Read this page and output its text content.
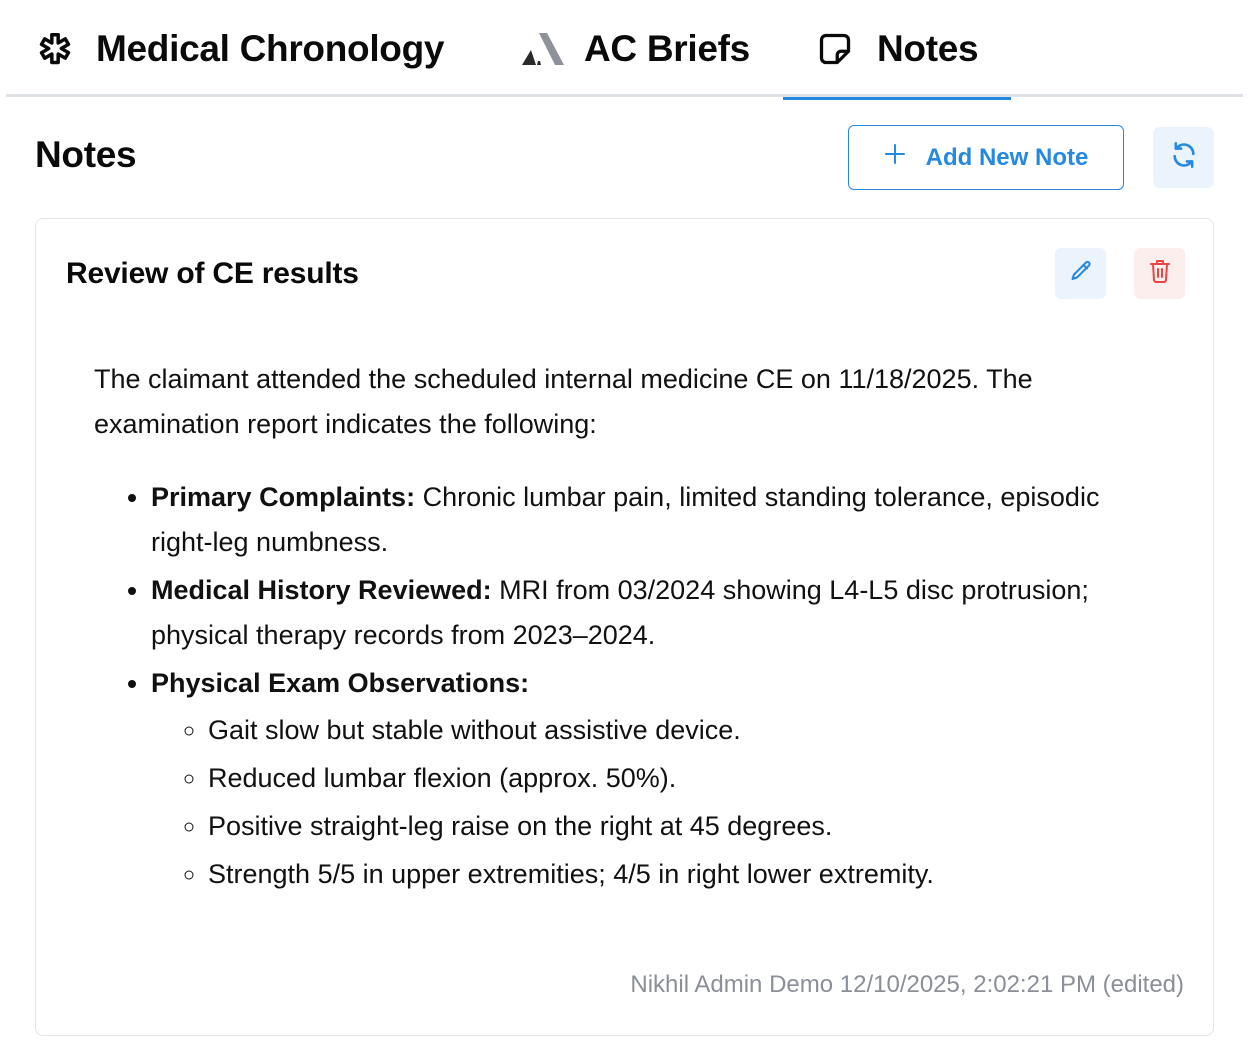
Medical Chronology	AC Briefs	Notes
Notes	Add New Note
Review of CE results

The claimant attended the scheduled internal medicine CE on 11/18/2025. The examination report indicates the following:

• Primary Complaints: Chronic lumbar pain, limited standing tolerance, episodic right-leg numbness.
• Medical History Reviewed: MRI from 03/2024 showing L4-L5 disc protrusion; physical therapy records from 2023–2024.
• Physical Exam Observations:
◦ Gait slow but stable without assistive device.
◦ Reduced lumbar flexion (approx. 50%).
◦ Positive straight-leg raise on the right at 45 degrees.
◦ Strength 5/5 in upper extremities; 4/5 in right lower extremity.
Nikhil Admin Demo 12/10/2025, 2:02:21 PM (edited)
